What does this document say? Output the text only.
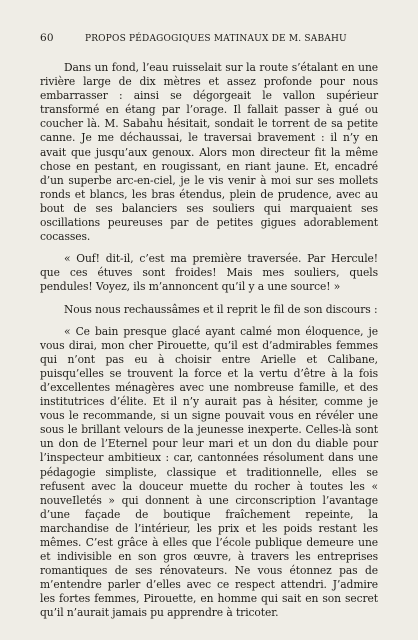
60	PROPOS PÉDAGOGIQUES MATINAUX DE M. SABAHU

Dans un fond, l’eau ruisselait sur la route s’étalant en une rivière large de dix mètres et assez profonde pour nous embarrasser : ainsi se dégorgeait le vallon supérieur transformé en étang par l’orage. Il fallait passer à gué ou coucher là. M. Sabahu hésitait, sondait le torrent de sa petite canne. Je me déchaussai, le traversai bravement : il n’y en avait que jusqu’aux genoux. Alors mon directeur fit la même chose en pestant, en rougissant, en riant jaune. Et, encadré d’un superbe arc-en-ciel, je le vis venir à moi sur ses mollets ronds et blancs, les bras étendus, plein de prudence, avec au bout de ses balanciers ses souliers qui marquaient ses oscillations peureuses par de petites gigues adorablement cocasses.

« Ouf! dit-il, c’est ma première traversée. Par Hercule! que ces étuves sont froides! Mais mes souliers, quels pendules! Voyez, ils m’annoncent qu’il y a une source! »

Nous nous rechaussâmes et il reprit le fil de son discours :

« Ce bain presque glacé ayant calmé mon éloquence, je vous dirai, mon cher Pirouette, qu’il est d’admirables femmes qui n’ont pas eu à choisir entre Arielle et Calibane, puisqu’elles se trouvent la force et la vertu d’être à la fois d’excellentes ménagères avec une nombreuse famille, et des institutrices d’élite. Et il n’y aurait pas à hésiter, comme je vous le recommande, si un signe pouvait vous en révéler une sous le brillant velours de la jeunesse inexperte. Celles-là sont un don de l’Eternel pour leur mari et un don du diable pour l’inspecteur ambitieux : car, cantonnées résolument dans une pédagogie simpliste, classique et traditionnelle, elles se refusent avec la douceur muette du rocher à toutes les « nouveIletés » qui donnent à une circonscription l’avantage d’une façade de boutique fraîchement repeinte, la marchandise de l’intérieur, les prix et les poids restant les mêmes. C’est grâce à elles que l’école publique demeure une et indivisible en son gros œuvre, à travers les entreprises romantiques de ses rénovateurs. Ne vous étonnez pas de m’entendre parler d’elles avec ce respect attendri. J’admire les fortes femmes, Pirouette, en homme qui sait en son secret qu’il n’aurait jamais pu apprendre à tricoter.
